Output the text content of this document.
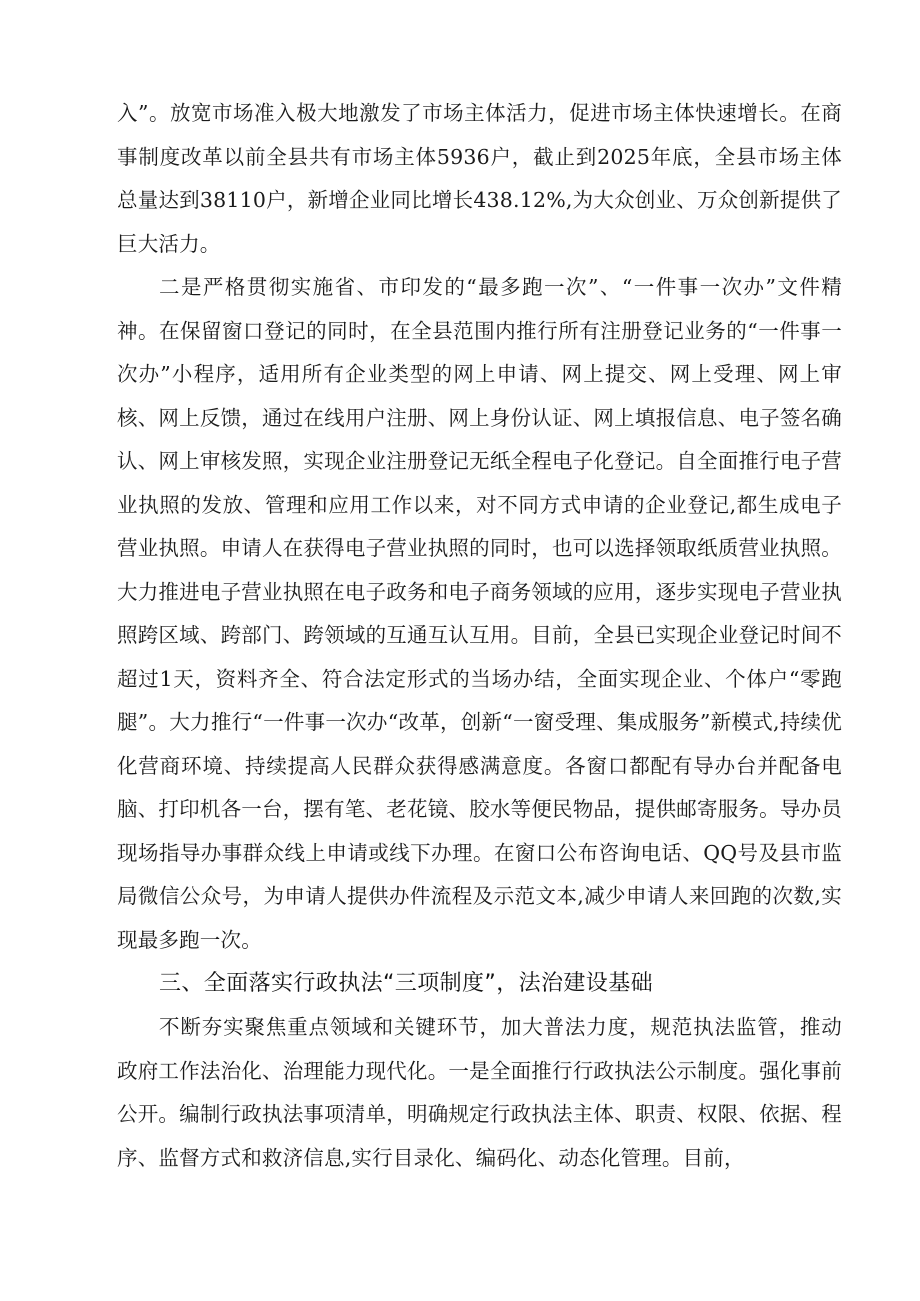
入”。放宽市场准入极大地激发了市场主体活力，促进市场主体快速增长。在商事制度改革以前全县共有市场主体5936户，截止到2025年底，全县市场主体总量达到38110户，新增企业同比增长438.12%,为大众创业、万众创新提供了巨大活力。

二是严格贯彻实施省、市印发的“最多跑一次”、“一件事一次办”文件精神。在保留窗口登记的同时，在全县范围内推行所有注册登记业务的“一件事一次办”小程序，适用所有企业类型的网上申请、网上提交、网上受理、网上审核、网上反馈，通过在线用户注册、网上身份认证、网上填报信息、电子签名确认、网上审核发照，实现企业注册登记无纸全程电子化登记。自全面推行电子营业执照的发放、管理和应用工作以来，对不同方式申请的企业登记,都生成电子营业执照。申请人在获得电子营业执照的同时，也可以选择领取纸质营业执照。大力推进电子营业执照在电子政务和电子商务领域的应用，逐步实现电子营业执照跨区域、跨部门、跨领域的互通互认互用。目前，全县已实现企业登记时间不超过1天，资料齐全、符合法定形式的当场办结，全面实现企业、个体户“零跑腿”。大力推行“一件事一次办“改革，创新“一窗受理、集成服务”新模式,持续优化营商环境、持续提高人民群众获得感满意度。各窗口都配有导办台并配备电脑、打印机各一台，摆有笔、老花镜、胶水等便民物品，提供邮寄服务。导办员现场指导办事群众线上申请或线下办理。在窗口公布咨询电话、QQ号及县市监局微信公众号，为申请人提供办件流程及示范文本,减少申请人来回跑的次数,实现最多跑一次。

三、全面落实行政执法“三项制度”，法治建设基础

不断夯实聚焦重点领域和关键环节，加大普法力度，规范执法监管，推动政府工作法治化、治理能力现代化。一是全面推行行政执法公示制度。强化事前公开。编制行政执法事项清单，明确规定行政执法主体、职责、权限、依据、程序、监督方式和救济信息,实行目录化、编码化、动态化管理。目前，
